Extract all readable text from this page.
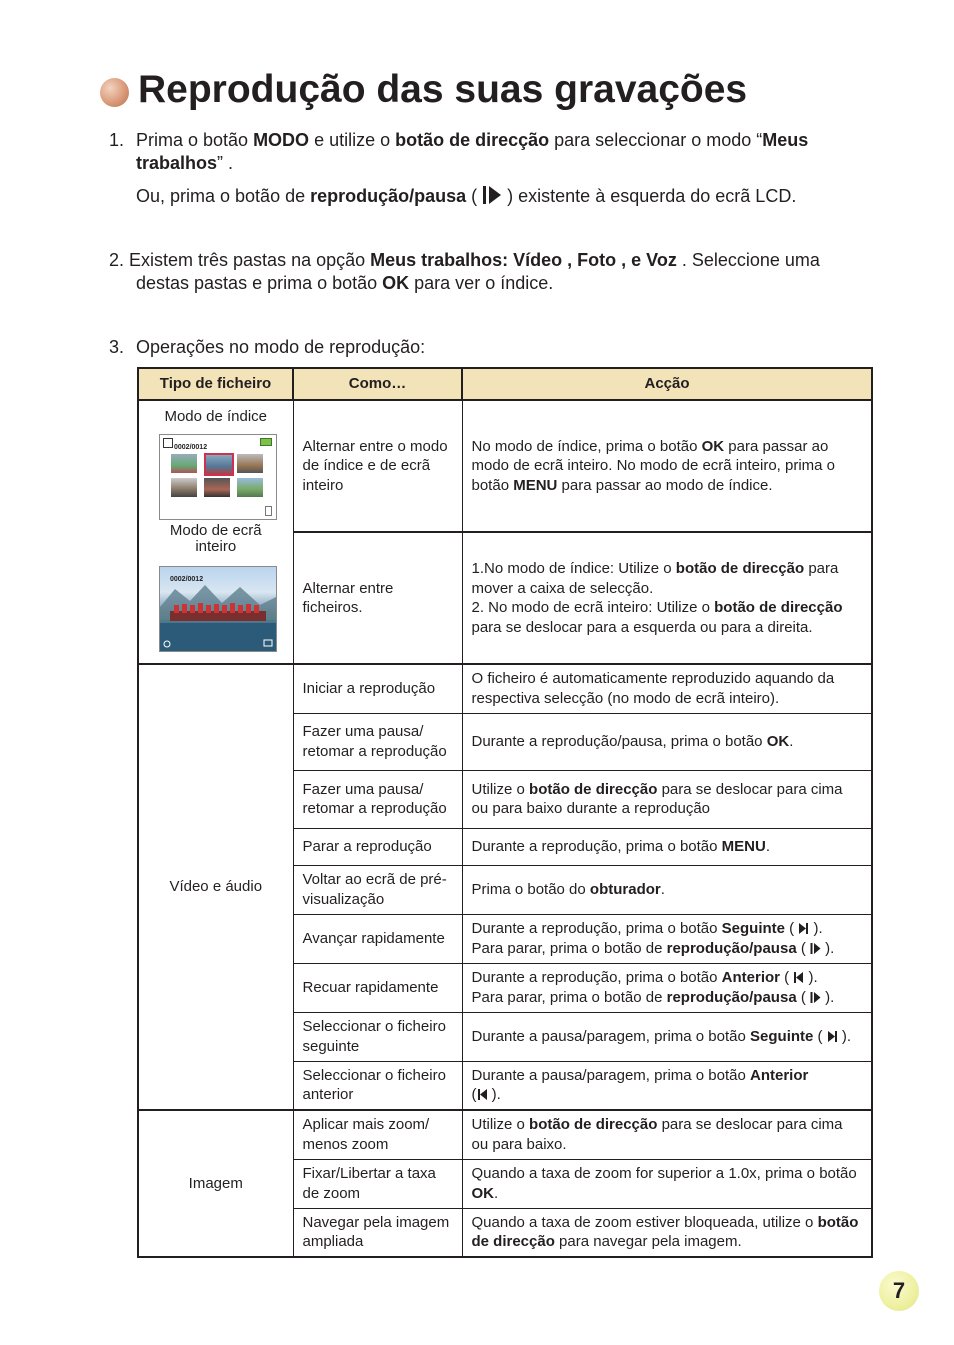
Reprodução das suas gravações
1. Prima o botão MODO e utilize o botão de direcção para seleccionar o modo “Meus
trabalhos” .
Ou, prima o botão de reprodução/pausa (  ) existente à esquerda do ecrã LCD.
2. Existem três pastas na opção Meus trabalhos: Vídeo , Foto , e Voz . Seleccione uma
destas pastas e prima o botão OK para ver o índice.
3. Operações no modo de reprodução:
Tipo de ficheiro	Como…	Acção

Modo de índice
0002/0012
Modo de ecrã
inteiro
0002/0012	Alternar entre o modo de índice e de ecrã inteiro	No modo de índice, prima o botão OK para passar ao modo de ecrã inteiro. No modo de ecrã inteiro, prima o botão MENU para passar ao modo de índice.
	Alternar entre ficheiros.	1.No modo de índice: Utilize o botão de direcção para mover a caixa de selecção.
2. No modo de ecrã inteiro: Utilize o botão de direcção para se deslocar para a esquerda ou para a direita.
Vídeo e áudio	Iniciar a reprodução	O ficheiro é automaticamente reproduzido aquando da respectiva selecção (no modo de ecrã inteiro).
	Fazer uma pausa/ retomar a reprodução	Durante a reprodução/pausa, prima o botão OK.
	Fazer uma pausa/ retomar a reprodução	Utilize o botão de direcção para se deslocar para cima ou para baixo durante a reprodução
	Parar a reprodução	Durante a reprodução, prima o botão MENU.
	Voltar ao ecrã de pré-visualização	Prima o botão do obturador.
	Avançar rapidamente	Durante a reprodução, prima o botão Seguinte (  ).
Para parar, prima o botão de reprodução/pausa (  ).
	Recuar rapidamente	Durante a reprodução, prima o botão Anterior (  ).
Para parar, prima o botão de reprodução/pausa (  ).
	Seleccionar o ficheiro seguinte	Durante a pausa/paragem, prima o botão Seguinte (  ).
	Seleccionar o ficheiro anterior	Durante a pausa/paragem, prima o botão Anterior
( ).
Imagem	Aplicar mais zoom/ menos zoom	Utilize o botão de direcção para se deslocar para cima ou para baixo.
	Fixar/Libertar a taxa de zoom	Quando a taxa de zoom for superior a 1.0x, prima o botão OK.
	Navegar pela imagem ampliada	Quando a taxa de zoom estiver bloqueada, utilize o botão de direcção para navegar pela imagem.
7
